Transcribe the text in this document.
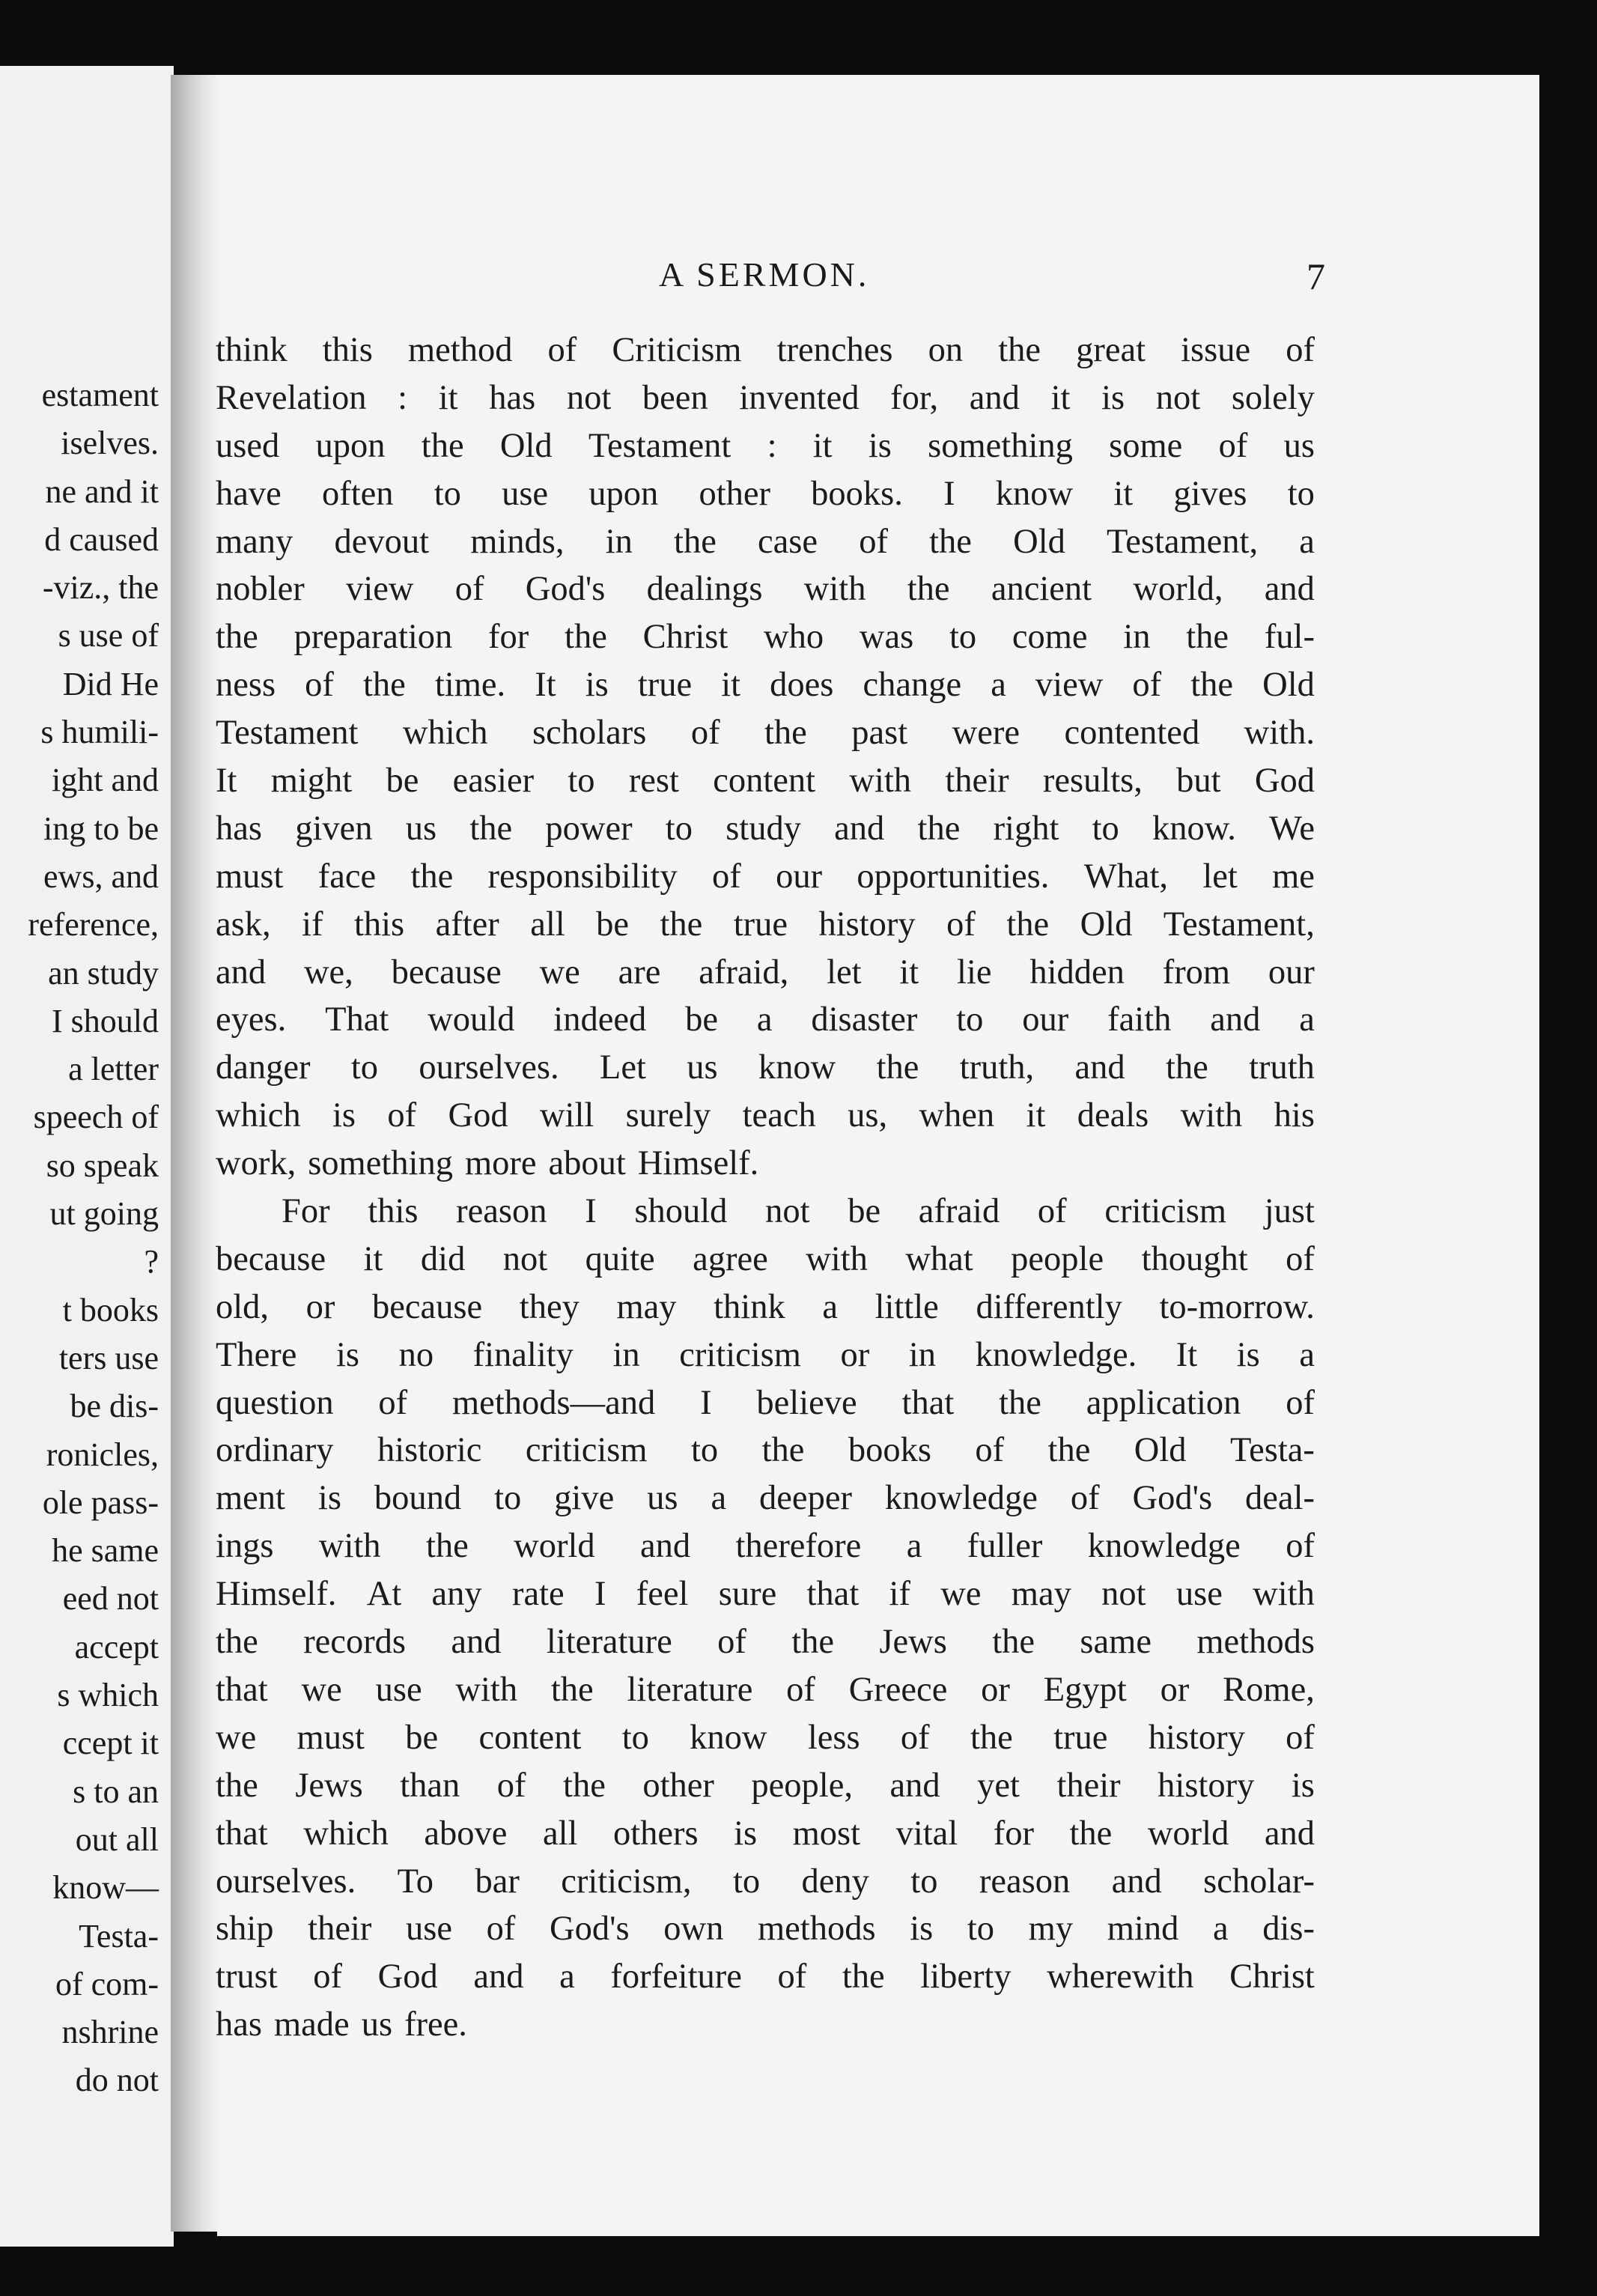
estament
iselves.
ne and it
d caused
-viz., the
s use of
Did He
s humili-
ight and
ing to be
ews, and
reference,
an study
I should
a letter
speech of
so speak
ut going
?
t books
ters use
be dis-
ronicles,
ole pass-
he same
eed not
accept
s which
ccept it
s to an
out all
know—
Testa-
of com-
nshrine
do not
A SERMON.	7
think this method of Criticism trenches on the great issue of
Revelation : it has not been invented for, and it is not solely
used upon the Old Testament : it is something some of us
have often to use upon other books. I know it gives to
many devout minds, in the case of the Old Testament, a
nobler view of God's dealings with the ancient world, and
the preparation for the Christ who was to come in the ful-
ness of the time. It is true it does change a view of the Old
Testament which scholars of the past were contented with.
It might be easier to rest content with their results, but God
has given us the power to study and the right to know. We
must face the responsibility of our opportunities. What, let me
ask, if this after all be the true history of the Old Testament,
and we, because we are afraid, let it lie hidden from our
eyes. That would indeed be a disaster to our faith and a
danger to ourselves. Let us know the truth, and the truth
which is of God will surely teach us, when it deals with his
work, something more about Himself.
For this reason I should not be afraid of criticism just
because it did not quite agree with what people thought of
old, or because they may think a little differently to-morrow.
There is no finality in criticism or in knowledge. It is a
question of methods—and I believe that the application of
ordinary historic criticism to the books of the Old Testa-
ment is bound to give us a deeper knowledge of God's deal-
ings with the world and therefore a fuller knowledge of
Himself. At any rate I feel sure that if we may not use with
the records and literature of the Jews the same methods
that we use with the literature of Greece or Egypt or Rome,
we must be content to know less of the true history of
the Jews than of the other people, and yet their history is
that which above all others is most vital for the world and
ourselves. To bar criticism, to deny to reason and scholar-
ship their use of God's own methods is to my mind a dis-
trust of God and a forfeiture of the liberty wherewith Christ
has made us free.
